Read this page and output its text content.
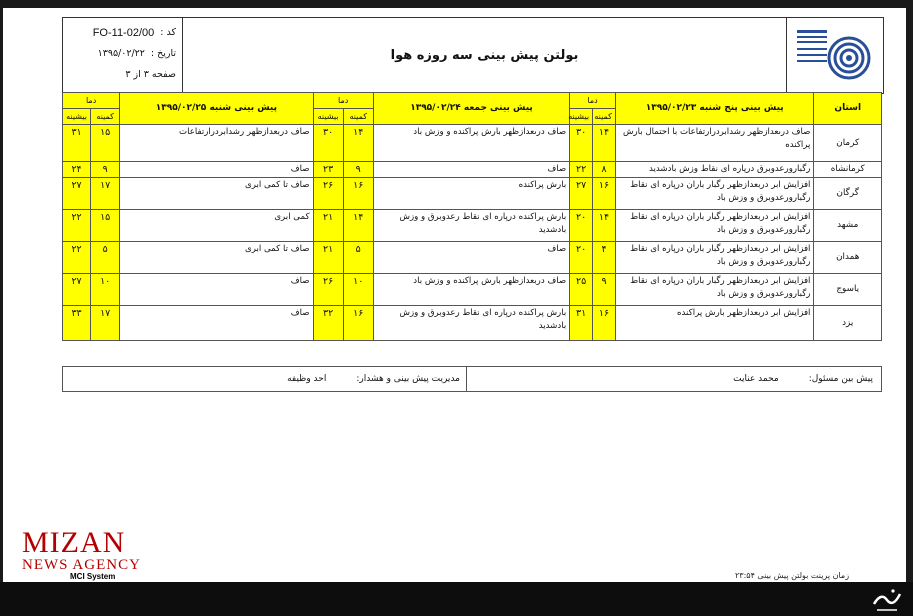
کد :
FO-11-02/00
تاریخ :
۱۳۹۵/۰۲/۲۲
صفحه ۳ از ۳
بولتن پیش بینی سه روزه هوا
استان	پیش بینی پنج شنبه ۱۳۹۵/۰۲/۲۳	دما		پیش بینی جمعه ۱۳۹۵/۰۲/۲۴	دما		پیش بینی شنبه ۱۳۹۵/۰۲/۲۵	دما	
		کمینه	بیشینه		کمینه	بیشینه		کمینه	بیشینه
کرمان	صاف درىعدازظهر رشدابردرارتفاعات با احتمال بارش پراکنده	۱۴	۳۰	صاف درىعدازظهر بارش پراکنده و وزش باد	۱۴	۳۰	صاف دربعدازظهر رشدابردرارتفاعات	۱۵	۳۱
کرمانشاه	رگبارورعدوبرق درپاره ای نقاط وزش بادشدید	۸	۲۲	صاف	۹	۲۳	صاف	۹	۲۴
گرگان	افزایش ابر دربعدازظهر رگبار باران درپاره ای نقاط رگبارورعدوبرق و وزش باد	۱۶	۲۷	بارش پراکنده	۱۶	۲۶	صاف تا کمی ابری	۱۷	۲۷
مشهد	افزایش ابر دربعدازظهر رگبار باران درپاره ای نقاط رگبارورعدوبرق و وزش باد	۱۴	۲۰	بارش پراکنده درپاره ای نقاط رعدوبرق و وزش بادشدید	۱۴	۲۱	کمی ابری	۱۵	۲۲
همدان	افزایش ابر دربعدازظهر رگبار باران درپاره ای نقاط رگبارورعدوبرق و وزش باد	۴	۲۰	صاف	۵	۲۱	صاف تا کمی ابری	۵	۲۲
یاسوج	افزایش ابر دربعدازظهر رگبار باران درپاره ای نقاط رگبارورعدوبرق و وزش باد	۹	۲۵	صاف دربعدازظهر بارش پراکنده و وزش باد	۱۰	۲۶	صاف	۱۰	۲۷
یزد	افزایش ابر دربعدازظهر بارش پراکنده	۱۶	۳۱	بارش پراکنده درپاره ای نقاط رعدوبرق و وزش بادشدید	۱۶	۳۲	صاف	۱۷	۳۳
پیش بین مسئول:
محمد عنایت
مدیریت پیش بینی و هشدار:
احد وظیفه
MIZAN
NEWS AGENCY
MCI System	زمان پرینت بولتن پیش بینی ۲۳:۵۴
